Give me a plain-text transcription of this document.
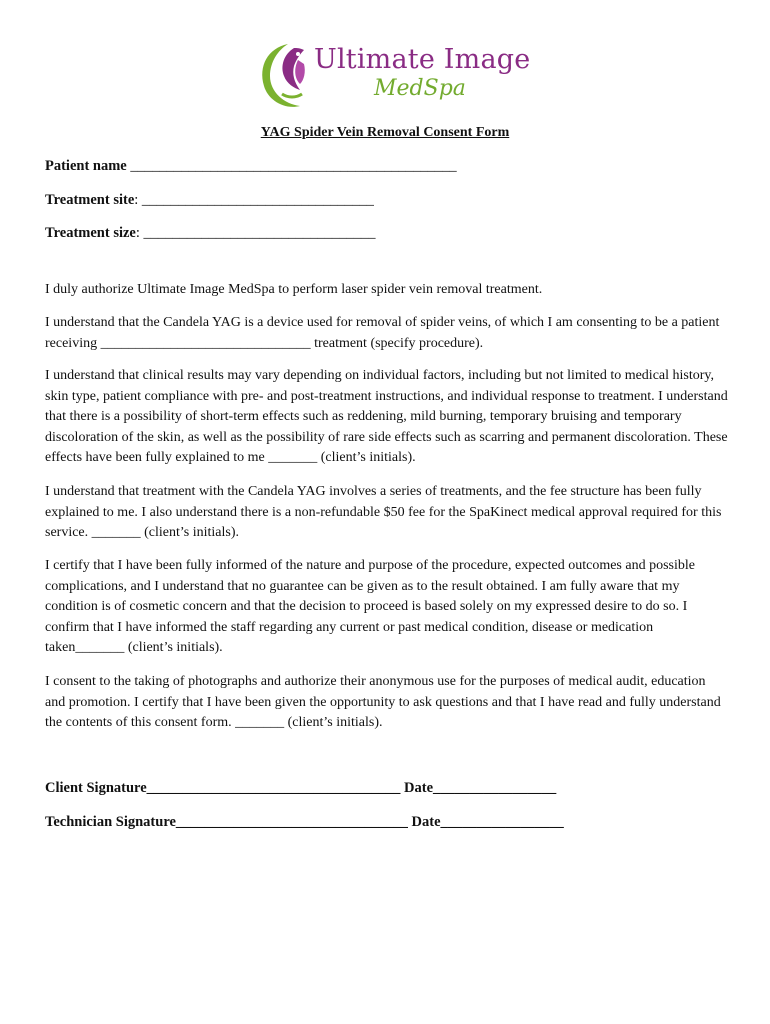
Ultimate Image
MedSpa
YAG Spider Vein Removal Consent Form
Patient name _____________________________________________
Treatment site: ________________________________
Treatment size: ________________________________

I duly authorize Ultimate Image MedSpa to perform laser spider vein removal treatment.

I understand that the Candela YAG is a device used for removal of spider veins, of which I am consenting to be a patient receiving ______________________________ treatment (specify procedure).

I understand that clinical results may vary depending on individual factors, including but not limited to medical history, skin type, patient compliance with pre- and post-treatment instructions, and individual response to treatment. I understand that there is a possibility of short-term effects such as reddening, mild burning, temporary bruising and temporary discoloration of the skin, as well as the possibility of rare side effects such as scarring and permanent discoloration. These effects have been fully explained to me _______ (client’s initials).

I understand that treatment with the Candela YAG involves a series of treatments, and the fee structure has been fully explained to me. I also understand there is a non-refundable $50 fee for the SpaKinect medical approval required for this service. _______ (client’s initials).

I certify that I have been fully informed of the nature and purpose of the procedure, expected outcomes and possible complications, and I understand that no guarantee can be given as to the result obtained. I am fully aware that my condition is of cosmetic concern and that the decision to proceed is based solely on my expressed desire to do so. I confirm that I have informed the staff regarding any current or past medical condition, disease or medication taken_______ (client’s initials).

I consent to the taking of photographs and authorize their anonymous use for the purposes of medical audit, education and promotion. I certify that I have been given the opportunity to ask questions and that I have read and fully understand the contents of this consent form. _______ (client’s initials).

Client Signature___________________________________ Date_________________
Technician Signature________________________________ Date_________________
